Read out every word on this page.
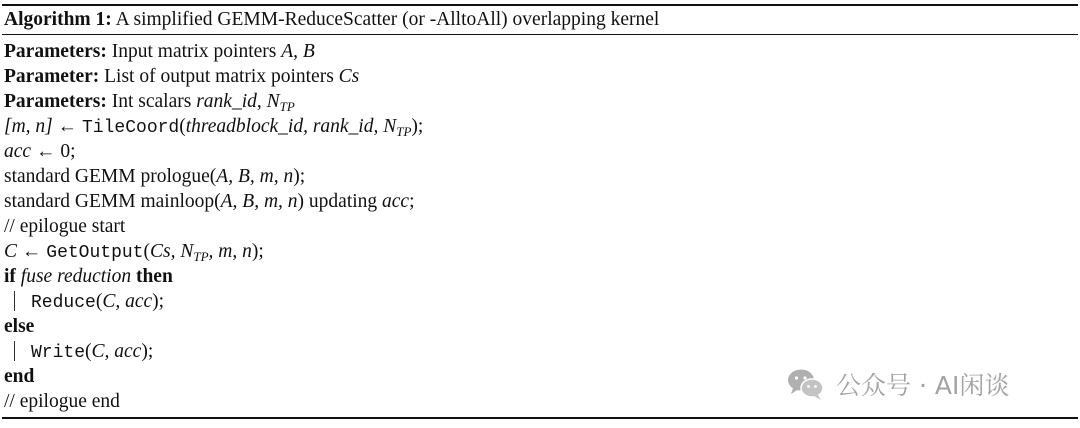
Algorithm 1: A simplified GEMM-ReduceScatter (or -AlltoAll) overlapping kernel
Parameters: Input matrix pointers A, B
Parameter: List of output matrix pointers Cs
Parameters: Int scalars rank_id, $N_{TP}$
[m, n] ← TileCoord(threadblock_id, rank_id, $N_{TP}$);
acc ← 0;
standard GEMM prologue(A, B, m, n);
standard GEMM mainloop(A, B, m, n) updating acc;
// epilogue start
C ← GetOutput(Cs, $N_{TP}$, m, n);
if fuse reduction then
Reduce(C, acc);
else
Write(C, acc);
end
// epilogue end
公众号 · AI闲谈
